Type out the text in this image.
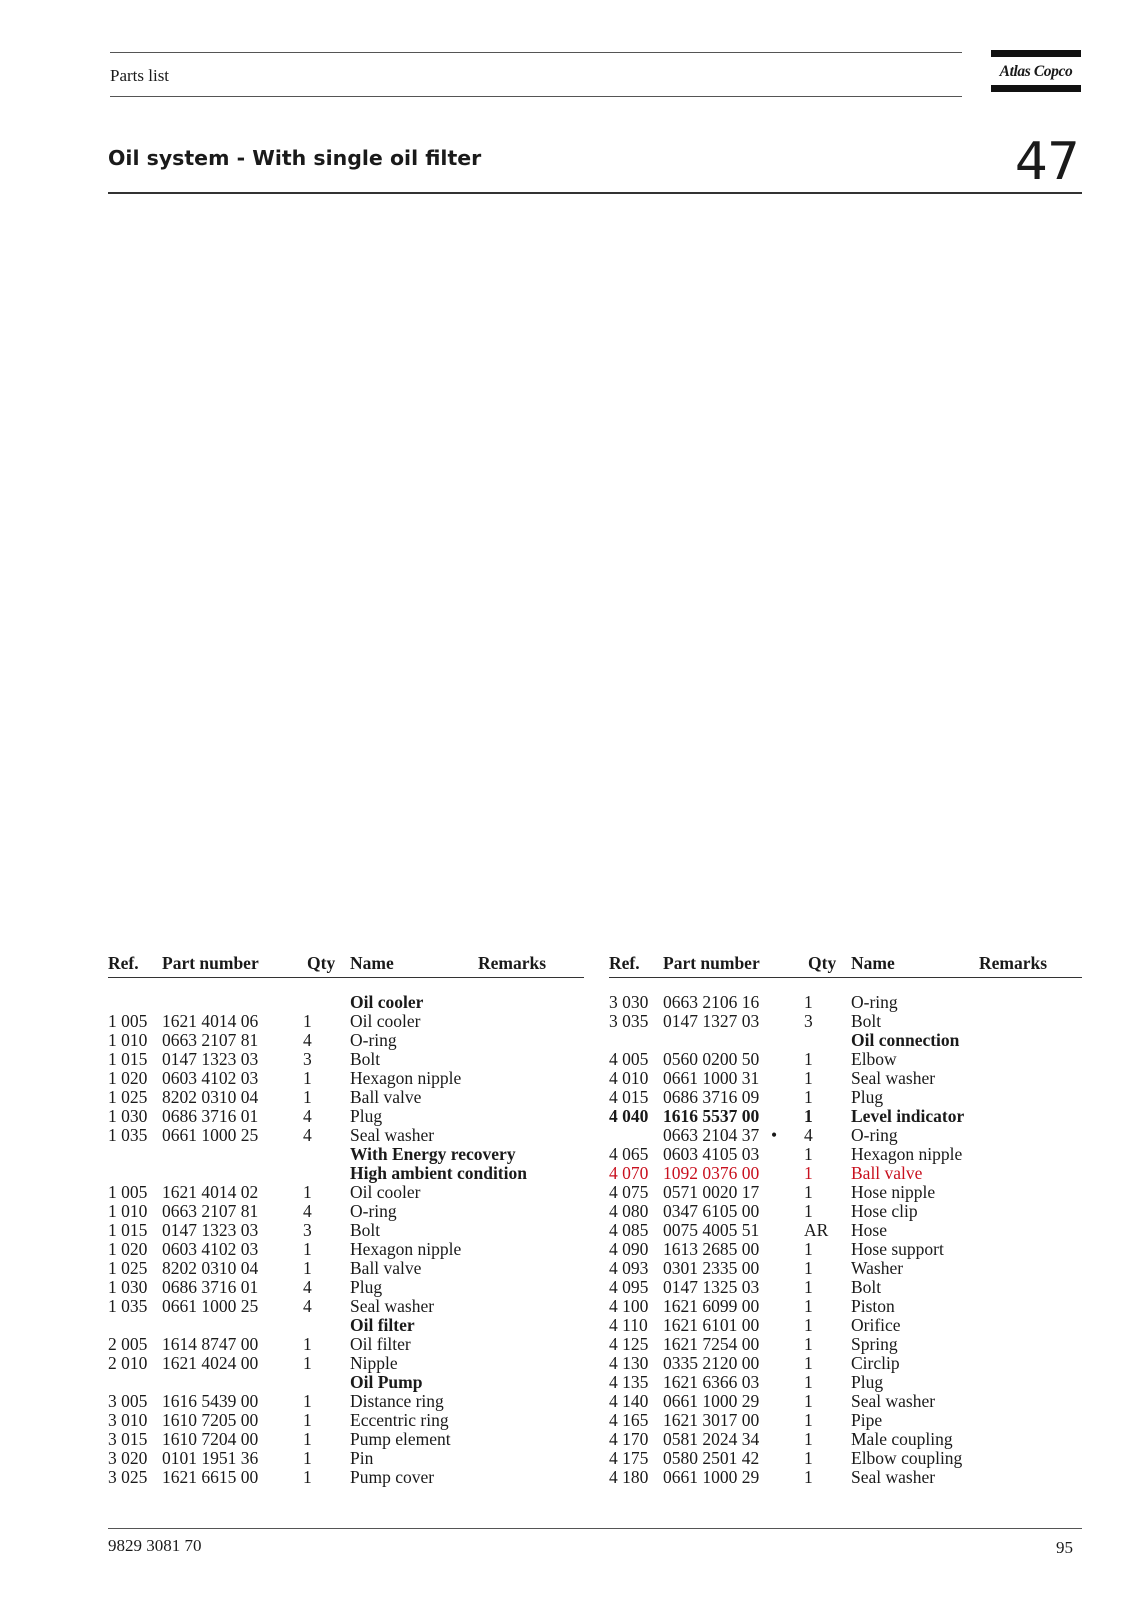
Parts list	Atlas Copco
Oil system - With single oil filter	47
Ref. Part number	Qty Name	Remarks
Oil cooler
1 005 1621 4014 06	1 Oil cooler
1 010 0663 2107 81	4 O-ring
1 015 0147 1323 03	3 Bolt
1 020 0603 4102 03	1 Hexagon nipple
1 025 8202 0310 04	1 Ball valve
1 030 0686 3716 01	4 Plug
1 035 0661 1000 25	4 Seal washer
With Energy recovery
High ambient condition
1 005 1621 4014 02	1 Oil cooler
1 010 0663 2107 81	4 O-ring
1 015 0147 1323 03	3 Bolt
1 020 0603 4102 03	1 Hexagon nipple
1 025 8202 0310 04	1 Ball valve
1 030 0686 3716 01	4 Plug
1 035 0661 1000 25	4 Seal washer
Oil filter
2 005 1614 8747 00	1 Oil filter
2 010 1621 4024 00	1 Nipple
Oil Pump
3 005 1616 5439 00	1 Distance ring
3 010 1610 7205 00	1 Eccentric ring
3 015 1610 7204 00	1 Pump element
3 020 0101 1951 36	1 Pin
3 025 1621 6615 00	1 Pump cover
Ref. Part number	Qty Name	Remarks
3 030 0663 2106 16	1 O-ring
3 035 0147 1327 03	3 Bolt
Oil connection
4 005 0560 0200 50	1 Elbow
4 010 0661 1000 31	1 Seal washer
4 015 0686 3716 09	1 Plug
4 040 1616 5537 00	1 Level indicator
0663 2104 37 • 4 O-ring
4 065 0603 4105 03	1 Hexagon nipple
4 070 1092 0376 00	1 Ball valve
4 075 0571 0020 17	1 Hose nipple
4 080 0347 6105 00	1 Hose clip
4 085 0075 4005 51	AR Hose
4 090 1613 2685 00	1 Hose support
4 093 0301 2335 00	1 Washer
4 095 0147 1325 03	1 Bolt
4 100 1621 6099 00	1 Piston
4 110 1621 6101 00	1 Orifice
4 125 1621 7254 00	1 Spring
4 130 0335 2120 00	1 Circlip
4 135 1621 6366 03	1 Plug
4 140 0661 1000 29	1 Seal washer
4 165 1621 3017 00	1 Pipe
4 170 0581 2024 34	1 Male coupling
4 175 0580 2501 42	1 Elbow coupling
4 180 0661 1000 29	1 Seal washer
9829 3081 70	95
